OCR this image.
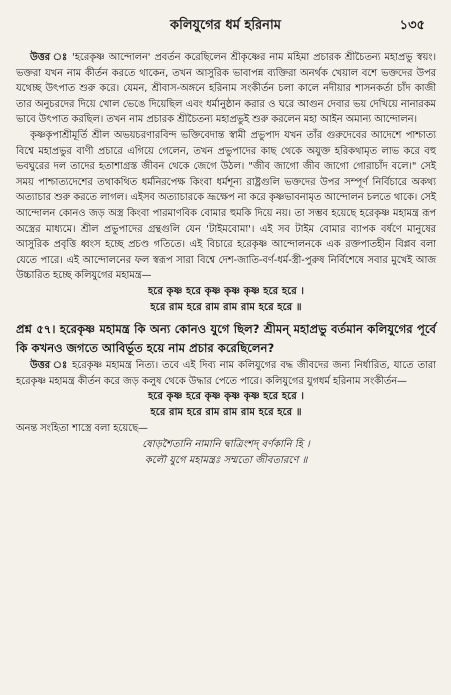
কলিযুগের ধর্ম হরিনাম	১৩৫

উত্তর ঃ 'হরেকৃষ্ণ আন্দোলন' প্রবর্তন করেছিলেন শ্রীকৃষ্ণের নাম মহিমা প্রচারক শ্রীচৈতন্য মহাপ্রভু স্বয়ং। ভক্তরা যখন নাম কীর্তন করতে থাকেন, তখন আসুরিক ভাবাপন্ন ব্যক্তিরা অনর্থক খেয়াল বশে ভক্তদের উপর যথেচ্ছ উৎপাত শুরু করে। যেমন, শ্রীবাস-অঙ্গনে হরিনাম সংকীর্তন চলা কালে নদীয়ার শাসনকর্তা চাঁদ কাজী তার অনুচরদের দিয়ে খোল ভেঙে দিয়েছিল এবং ধর্মানুষ্ঠান করার ও ঘরে আগুন দেবার ভয় দেখিয়ে নানারকম ভাবে উৎপাত করছিল। তখন নাম প্রচারক শ্রীচৈতন্য মহাপ্রভুই শুরু করলেন মহা আইন অমান্য আন্দোলন।

কৃষ্ণকৃপাশ্রীমূর্তি শ্রীল অভয়চরণারবিন্দ ভক্তিবেদান্ত স্বামী প্রভুপাদ যখন তাঁর গুরুদেবের আদেশে পাশ্চাত্য বিশ্বে মহাপ্রভুর বাণী প্রচারে এগিয়ে গেলেন, তখন প্রভুপাদের কাছ থেকে অযুক্ত হরিকথামৃত লাভ করে বহু ভবঘুরের দল তাদের হতাশাগ্রস্ত জীবন থেকে জেগে উঠল। "জীব জাগো জীব জাগো গোরাচাঁদ বলে।" সেই সময় পাশ্চাত্যদেশের তথাকথিত ধর্মনিরপেক্ষ কিংবা ধর্মশূন্য রাষ্ট্রগুলি ভক্তদের উপর সম্পূর্ণ নির্বিচারে অকথ্য অত্যাচার শুরু করতে লাগল। এইসব অত্যাচারকে ভ্রূক্ষেপ না করে কৃষ্ণভাবনামৃত আন্দোলন চলতে থাকে। সেই আন্দোলন কোনও জড় অস্ত্র কিংবা পারমাণবিক বোমার হুমকি দিয়ে নয়। তা সম্ভব হয়েছে হরেকৃষ্ণ মহামন্ত্র রূপ অস্ত্রের মাধ্যমে। শ্রীল প্রভুপাদের গ্রন্থগুলি যেন 'টাইমবোমা'। এই সব টাইম বোমার ব্যাপক বর্ষণে মানুষের আসুরিক প্রবৃত্তি ধ্বংস হচ্ছে প্রচণ্ড গতিতে। এই বিচারে হরেকৃষ্ণ আন্দোলনকে এক রক্তপাতহীন বিপ্লব বলা যেতে পারে। এই আন্দোলনের ফল স্বরূপ সারা বিশ্বে দেশ-জাতি-বর্ণ-ধর্ম-স্ত্রী-পুরুষ নির্বিশেষে সবার মুখেই আজ উচ্চারিত হচ্ছে কলিযুগের মহামন্ত্র—

হরে কৃষ্ণ হরে কৃষ্ণ কৃষ্ণ কৃষ্ণ হরে হরে ।

হরে রাম হরে রাম রাম রাম হরে হরে ॥

প্রশ্ন ৫৭। হরেকৃষ্ণ মহামন্ত্র কি অন্য কোনও যুগে ছিল? শ্রীমন্ মহাপ্রভু বর্তমান কলিযুগের পূর্বে কি কখনও জগতে আবির্ভূত হয়ে নাম প্রচার করেছিলেন?

উত্তর ঃ হরেকৃষ্ণ মহামন্ত্র নিত্য। তবে এই দিব্য নাম কলিযুগের বদ্ধ জীবদের জন্য নির্ধারিত, যাতে তারা হরেকৃষ্ণ মহামন্ত্র কীর্তন করে জড় কলুষ থেকে উদ্ধার পেতে পারে। কলিযুগের যুগধর্ম হরিনাম সংকীর্তন—

হরে কৃষ্ণ হরে কৃষ্ণ কৃষ্ণ কৃষ্ণ হরে হরে ।

হরে রাম হরে রাম রাম রাম হরে হরে ॥

অনন্ত সংহিতা শাস্ত্রে বলা হয়েছে—

ষোড়শৈতানি নামানি দ্বাত্রিংশদ্ বর্ণকানি হি ।

কলৌ যুগে মহামন্ত্রঃ সম্মতো জীবতারণে ॥
